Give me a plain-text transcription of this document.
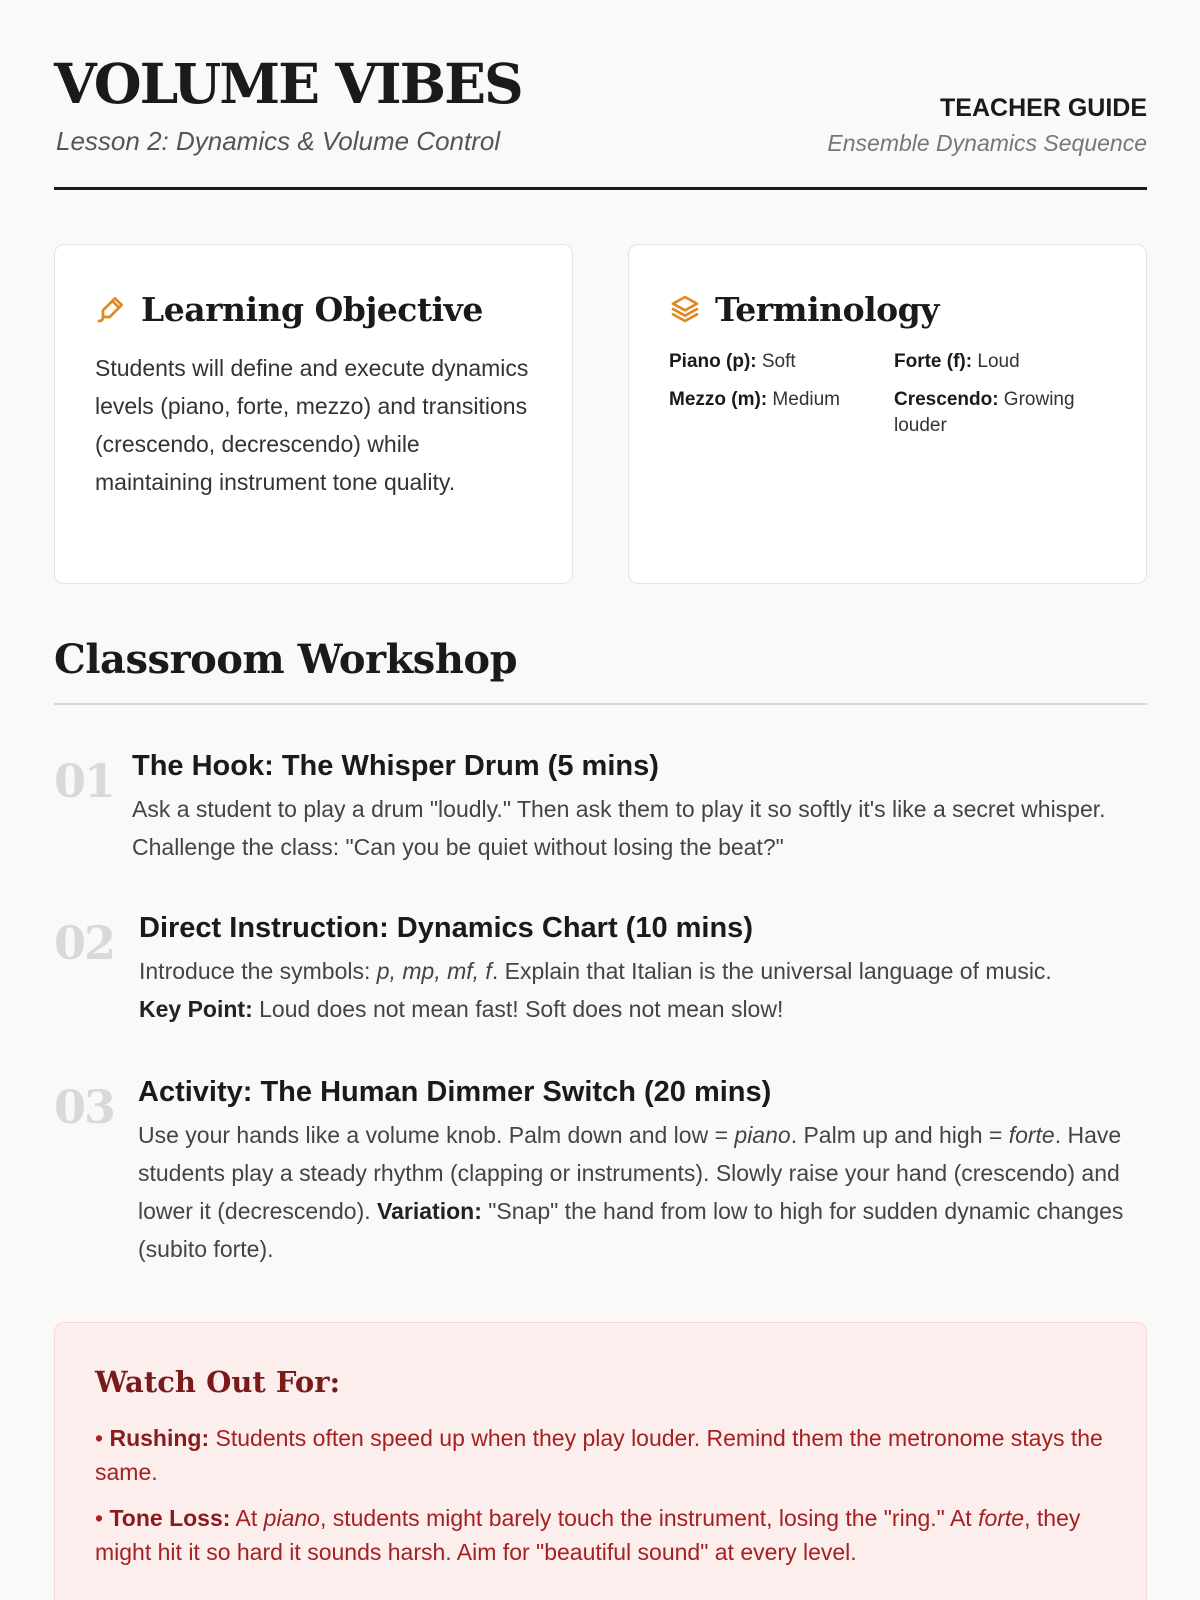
VOLUME VIBES
Lesson 2: Dynamics & Volume Control
TEACHER GUIDE
Ensemble Dynamics Sequence
Learning Objective
Students will define and execute dynamics levels (piano, forte, mezzo) and transitions (crescendo, decrescendo) while maintaining instrument tone quality.
Terminology
Piano (p): Soft	Forte (f): Loud
Mezzo (m): Medium	Crescendo: Growing louder
Classroom Workshop
01 The Hook: The Whisper Drum (5 mins)
Ask a student to play a drum "loudly." Then ask them to play it so softly it's like a secret whisper. Challenge the class: "Can you be quiet without losing the beat?"
02 Direct Instruction: Dynamics Chart (10 mins)
Introduce the symbols: p, mp, mf, f. Explain that Italian is the universal language of music.
Key Point: Loud does not mean fast! Soft does not mean slow!
03 Activity: The Human Dimmer Switch (20 mins)
Use your hands like a volume knob. Palm down and low = piano. Palm up and high = forte. Have students play a steady rhythm (clapping or instruments). Slowly raise your hand (crescendo) and lower it (decrescendo). Variation: "Snap" the hand from low to high for sudden dynamic changes (subito forte).
Watch Out For:
• Rushing: Students often speed up when they play louder. Remind them the metronome stays the same.
• Tone Loss: At piano, students might barely touch the instrument, losing the "ring." At forte, they might hit it so hard it sounds harsh. Aim for "beautiful sound" at every level.
